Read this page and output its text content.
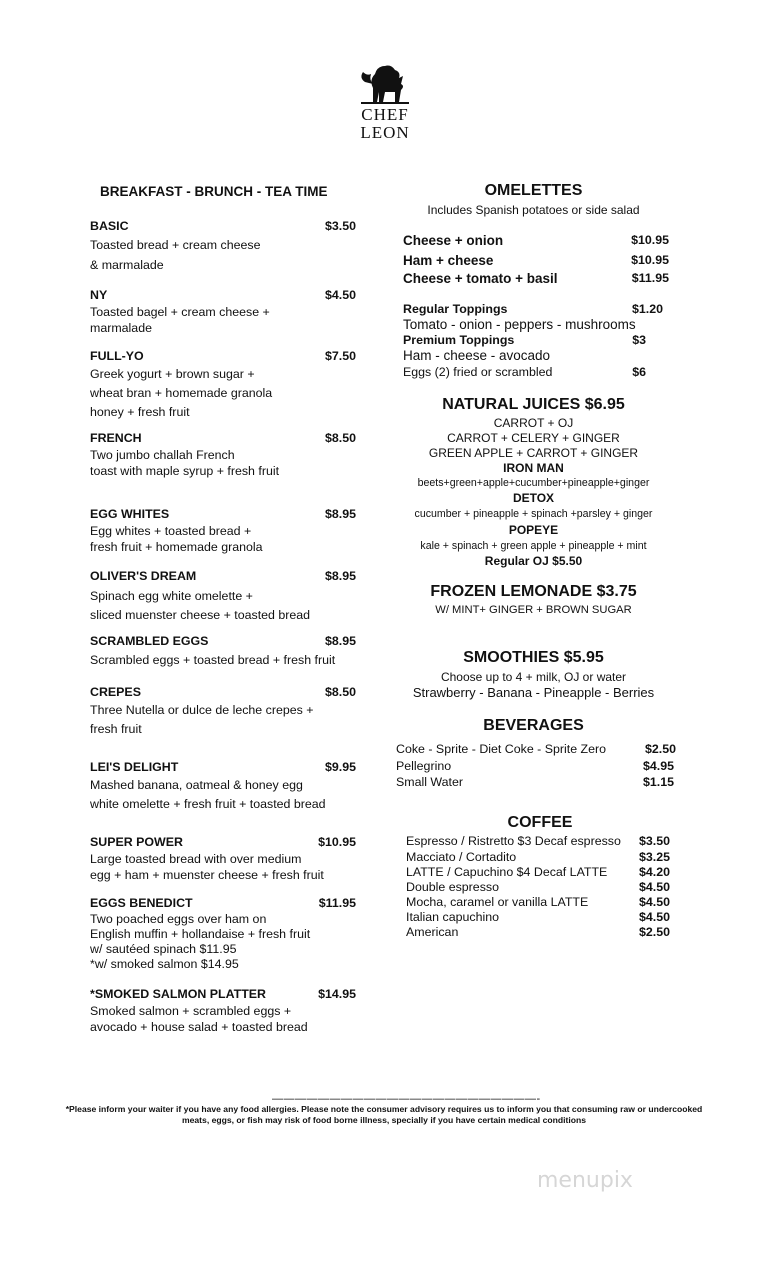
CHEF
LEON
BREAKFAST - BRUNCH - TEA TIME
BASIC	$3.50
Toasted bread + cream cheese
& marmalade
NY	$4.50
Toasted bagel + cream cheese +
marmalade
FULL-YO	$7.50
Greek yogurt + brown sugar +
wheat bran + homemade granola
honey + fresh fruit
FRENCH	$8.50
Two jumbo challah French
toast with maple syrup + fresh fruit
EGG WHITES	$8.95
Egg whites + toasted bread +
fresh fruit + homemade granola
OLIVER'S DREAM	$8.95
Spinach egg white omelette +
sliced muenster cheese + toasted bread
SCRAMBLED EGGS	$8.95
Scrambled eggs + toasted bread + fresh fruit
CREPES	$8.50
Three Nutella or dulce de leche crepes +
fresh fruit
LEI'S DELIGHT	$9.95
Mashed banana, oatmeal & honey egg
white omelette + fresh fruit + toasted bread
SUPER POWER	$10.95
Large toasted bread with over medium
egg + ham + muenster cheese + fresh fruit
EGGS BENEDICT	$11.95
Two poached eggs over ham on
English muffin + hollandaise + fresh fruit
w/ sautéed spinach $11.95
*w/ smoked salmon $14.95
*SMOKED SALMON PLATTER	$14.95
Smoked salmon + scrambled eggs +
avocado + house salad + toasted bread
OMELETTES
Includes Spanish potatoes or side salad
Cheese + onion	$10.95
Ham + cheese	$10.95
Cheese + tomato + basil	$11.95
Regular Toppings	$1.20
Tomato - onion - peppers - mushrooms
Premium Toppings	$3
Ham - cheese - avocado
Eggs (2) fried or scrambled	$6
NATURAL JUICES $6.95
CARROT + OJ
CARROT + CELERY + GINGER
GREEN APPLE + CARROT + GINGER
IRON MAN
beets+green+apple+cucumber+pineapple+ginger
DETOX
cucumber + pineapple + spinach +parsley + ginger
POPEYE
kale + spinach + green apple + pineapple + mint
Regular OJ $5.50
FROZEN LEMONADE $3.75
W/ MINT+ GINGER + BROWN SUGAR
SMOOTHIES $5.95
Choose up to 4 + milk, OJ or water
Strawberry - Banana - Pineapple - Berries
BEVERAGES
Coke - Sprite - Diet Coke - Sprite Zero	$2.50
Pellegrino	$4.95
Small Water	$1.15
COFFEE
Espresso / Ristretto $3 Decaf espresso $3.50
Macciato / Cortadito	$3.25
LATTE / Capuchino $4 Decaf LATTE	$4.20
Double espresso	$4.50
Mocha, caramel or vanilla LATTE	$4.50
Italian capuchino	$4.50
American	$2.50
———————————————————————-
*Please inform your waiter if you have any food allergies. Please note the consumer advisory requires us to inform you that consuming raw or undercooked meats, eggs, or fish may risk of food borne illness, specially if you have certain medical conditions
menupix
